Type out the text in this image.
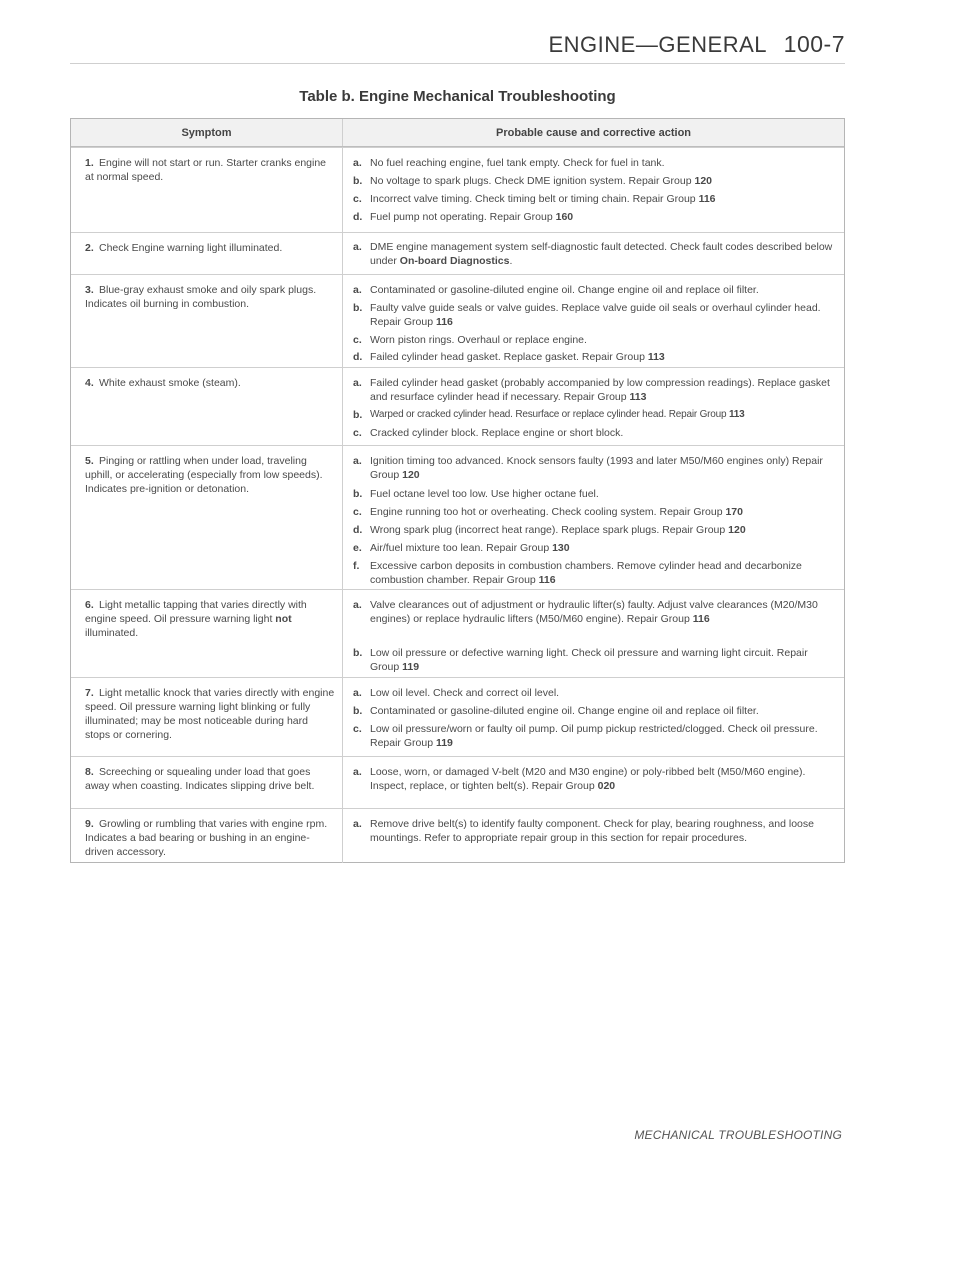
ENGINE—GENERAL 100-7
Table b. Engine Mechanical Troubleshooting
Symptom	Probable cause and corrective action
1. Engine will not start or run. Starter cranks engine at normal speed.
a. No fuel reaching engine, fuel tank empty. Check for fuel in tank.
b. No voltage to spark plugs. Check DME ignition system. Repair Group 120
c. Incorrect valve timing. Check timing belt or timing chain. Repair Group 116
d. Fuel pump not operating. Repair Group 160
2. Check Engine warning light illuminated.	a. DME engine management system self-diagnostic fault detected. Check fault codes described below under On-board Diagnostics.
3. Blue-gray exhaust smoke and oily spark plugs. Indicates oil burning in combustion.
a. Contaminated or gasoline-diluted engine oil. Change engine oil and replace oil filter.
b. Faulty valve guide seals or valve guides. Replace valve guide oil seals or overhaul cylinder head. Repair Group 116
c. Worn piston rings. Overhaul or replace engine.
d. Failed cylinder head gasket. Replace gasket. Repair Group 113
4. White exhaust smoke (steam).	a. Failed cylinder head gasket (probably accompanied by low compression readings). Replace gasket and resurface cylinder head if necessary. Repair Group 113
b. Warped or cracked cylinder head. Resurface or replace cylinder head. Repair Group 113
c. Cracked cylinder block. Replace engine or short block.
5. Pinging or rattling when under load, traveling uphill, or accelerating (especially from low speeds). Indicates pre-ignition or detonation.
a. Ignition timing too advanced. Knock sensors faulty (1993 and later M50/M60 engines only) Repair Group 120
b. Fuel octane level too low. Use higher octane fuel.
c. Engine running too hot or overheating. Check cooling system. Repair Group 170
d. Wrong spark plug (incorrect heat range). Replace spark plugs. Repair Group 120
e. Air/fuel mixture too lean. Repair Group 130
f. Excessive carbon deposits in combustion chambers. Remove cylinder head and decarbonize combustion chamber. Repair Group 116
6. Light metallic tapping that varies directly with engine speed. Oil pressure warning light not illuminated.
a. Valve clearances out of adjustment or hydraulic lifter(s) faulty. Adjust valve clearances (M20/M30 engines) or replace hydraulic lifters (M50/M60 engine). Repair Group 116
b. Low oil pressure or defective warning light. Check oil pressure and warning light circuit. Repair Group 119
7. Light metallic knock that varies directly with engine speed. Oil pressure warning light blinking or fully illuminated; may be most noticeable during hard stops or cornering.
a. Low oil level. Check and correct oil level.
b. Contaminated or gasoline-diluted engine oil. Change engine oil and replace oil filter.
c. Low oil pressure/worn or faulty oil pump. Oil pump pickup restricted/clogged. Check oil pressure. Repair Group 119
8. Screeching or squealing under load that goes away when coasting. Indicates slipping drive belt.
a. Loose, worn, or damaged V-belt (M20 and M30 engine) or poly-ribbed belt (M50/M60 engine). Inspect, replace, or tighten belt(s). Repair Group 020
9. Growling or rumbling that varies with engine rpm. Indicates a bad bearing or bushing in an engine-driven accessory.
a. Remove drive belt(s) to identify faulty component. Check for play, bearing roughness, and loose mountings. Refer to appropriate repair group in this section for repair procedures.
MECHANICAL TROUBLESHOOTING
